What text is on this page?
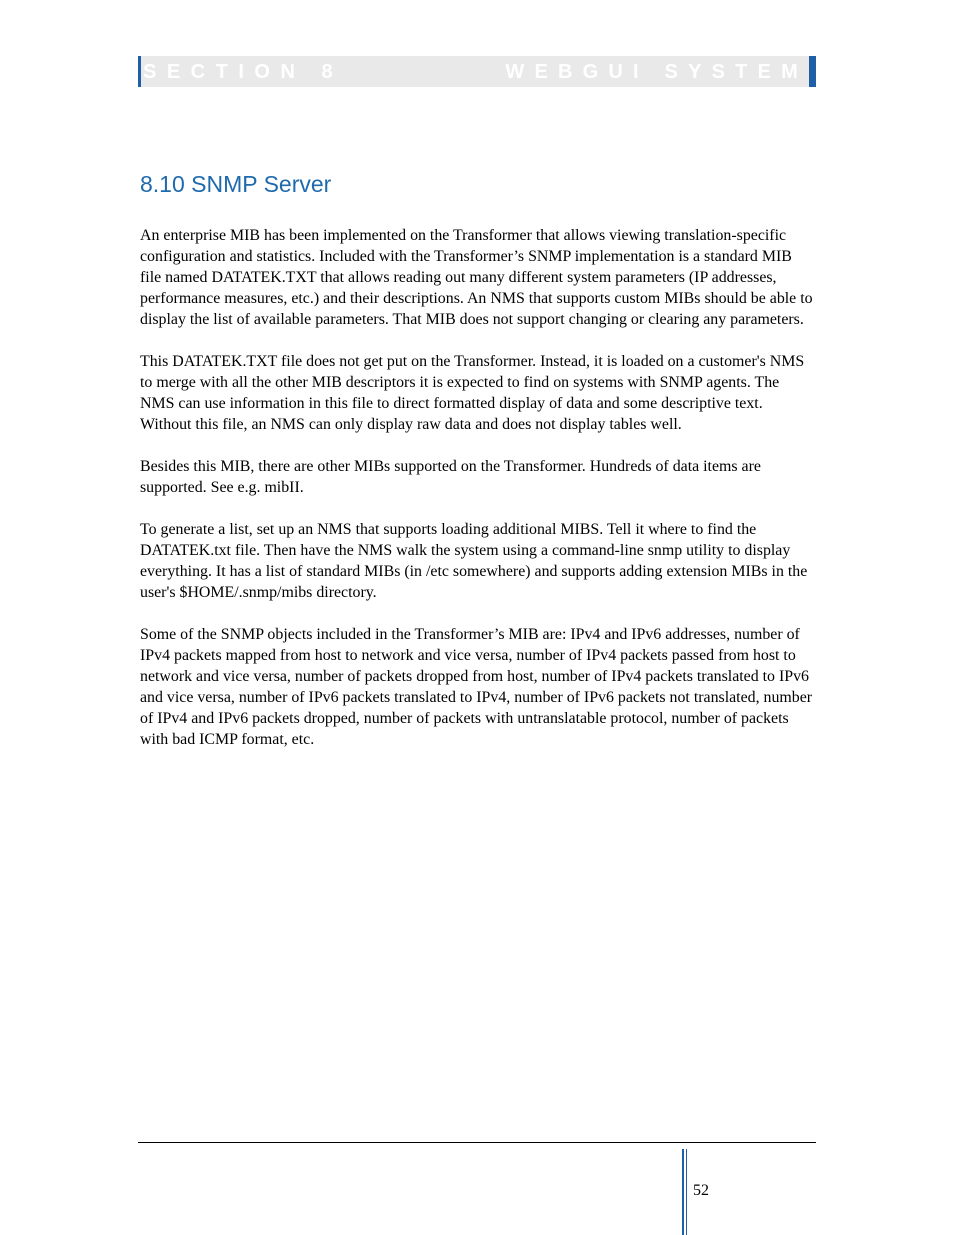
SECTION 8	WEBGUI SYSTEM
8.10 SNMP Server

An enterprise MIB has been implemented on the Transformer that allows viewing translation-specific configuration and statistics. Included with the Transformer’s SNMP implementation is a standard MIB file named DATATEK.TXT that allows reading out many different system parameters (IP addresses, performance measures, etc.) and their descriptions. An NMS that supports custom MIBs should be able to display the list of available parameters. That MIB does not support changing or clearing any parameters.

This DATATEK.TXT file does not get put on the Transformer. Instead, it is loaded on a customer's NMS to merge with all the other MIB descriptors it is expected to find on systems with SNMP agents. The NMS can use information in this file to direct formatted display of data and some descriptive text. Without this file, an NMS can only display raw data and does not display tables well.

Besides this MIB, there are other MIBs supported on the Transformer. Hundreds of data items are supported. See e.g. mibII.

To generate a list, set up an NMS that supports loading additional MIBS. Tell it where to find the DATATEK.txt file. Then have the NMS walk the system using a command-line snmp utility to display everything. It has a list of standard MIBs (in /etc somewhere) and supports adding extension MIBs in the user's $HOME/.snmp/mibs directory.

Some of the SNMP objects included in the Transformer’s MIB are: IPv4 and IPv6 addresses, number of IPv4 packets mapped from host to network and vice versa, number of IPv4 packets passed from host to network and vice versa, number of packets dropped from host, number of IPv4 packets translated to IPv6 and vice versa, number of IPv6 packets translated to IPv4, number of IPv6 packets not translated, number of IPv4 and IPv6 packets dropped, number of packets with untranslatable protocol, number of packets with bad ICMP format, etc.

52
